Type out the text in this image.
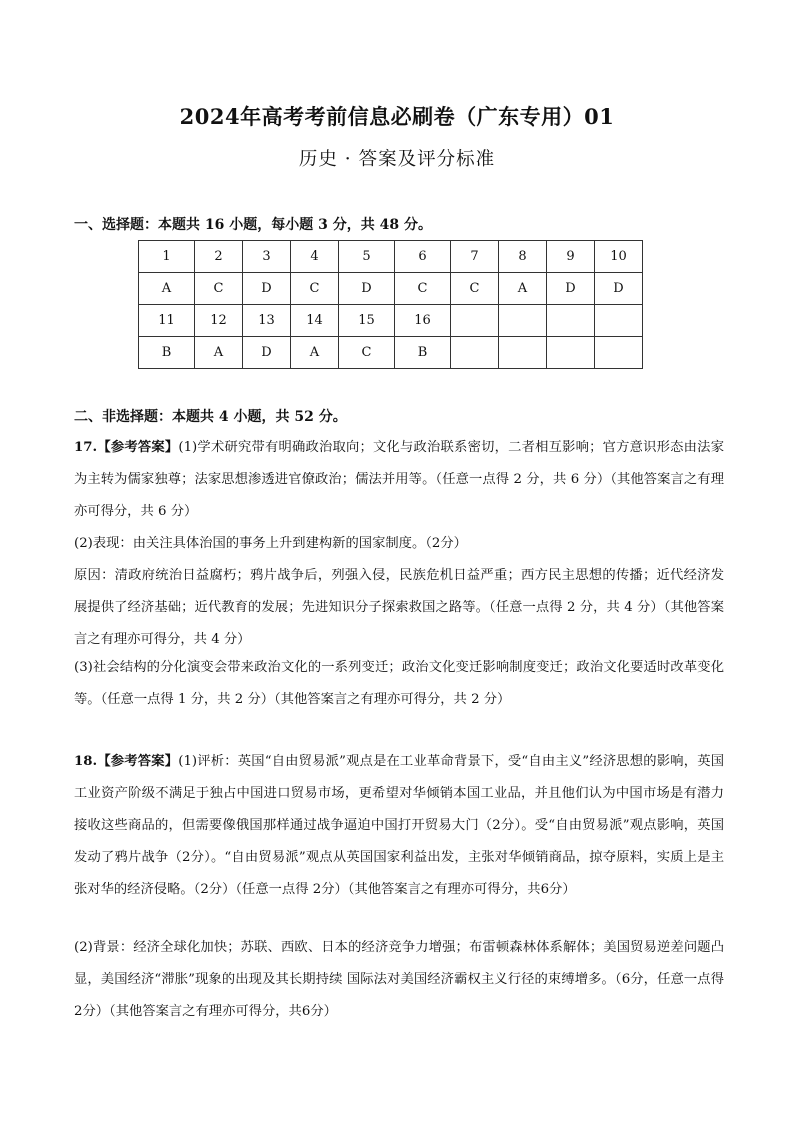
2024年高考考前信息必刷卷（广东专用）01
历史 · 答案及评分标准
一、选择题：本题共 16 小题，每小题 3 分，共 48 分。
1	2	3	4	5	6	7	8	9	10
A	C	D	C	D	C	C	A	D	D
11	12	13	14	15	16				
B	A	D	A	C	B				
二、非选择题：本题共 4 小题，共 52 分。
17.【参考答案】(1)学术研究带有明确政治取向；文化与政治联系密切，二者相互影响；官方意识形态由法家为主转为儒家独尊；法家思想渗透进官僚政治；儒法并用等。（任意一点得 2 分，共 6 分）（其他答案言之有理亦可得分，共 6 分）
(2)表现：由关注具体治国的事务上升到建构新的国家制度。（2分）
原因：清政府统治日益腐朽；鸦片战争后，列强入侵，民族危机日益严重；西方民主思想的传播；近代经济发展提供了经济基础；近代教育的发展；先进知识分子探索救国之路等。（任意一点得 2 分，共 4 分）（其他答案言之有理亦可得分，共 4 分）
(3)社会结构的分化演变会带来政治文化的一系列变迁；政治文化变迁影响制度变迁；政治文化要适时改革变化等。（任意一点得 1 分，共 2 分）（其他答案言之有理亦可得分，共 2 分）
18.【参考答案】(1)评析：英国“自由贸易派”观点是在工业革命背景下，受“自由主义”经济思想的影响，英国工业资产阶级不满足于独占中国进口贸易市场，更希望对华倾销本国工业品，并且他们认为中国市场是有潜力接收这些商品的，但需要像俄国那样通过战争逼迫中国打开贸易大门（2分）。受“自由贸易派”观点影响，英国发动了鸦片战争（2分）。“自由贸易派”观点从英国国家利益出发，主张对华倾销商品，掠夺原料，实质上是主张对华的经济侵略。（2分）（任意一点得 2分）（其他答案言之有理亦可得分，共6分）
(2)背景：经济全球化加快；苏联、西欧、日本的经济竞争力增强；布雷顿森林体系解体；美国贸易逆差问题凸显，美国经济“滞胀”现象的出现及其长期持续 国际法对美国经济霸权主义行径的束缚增多。（6分，任意一点得 2分）（其他答案言之有理亦可得分，共6分）
